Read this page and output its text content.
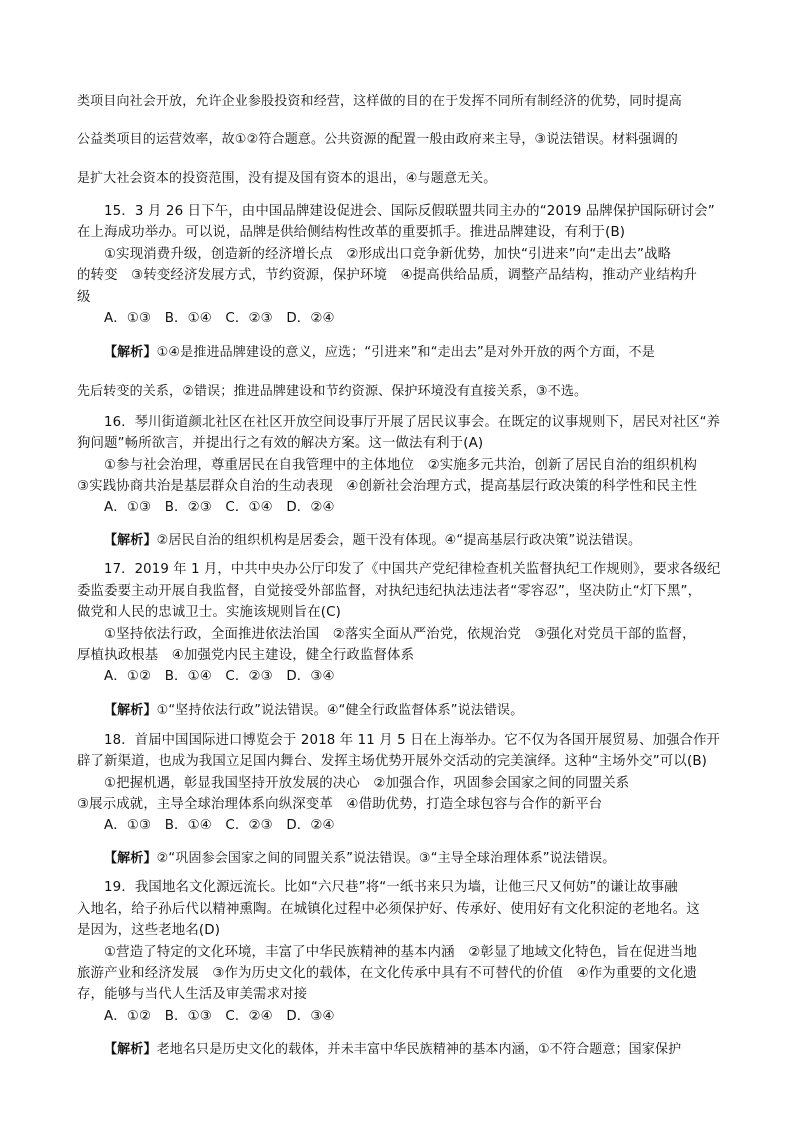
类项目向社会开放，允许企业参股投资和经营，这样做的目的在于发挥不同所有制经济的优势，同时提高
公益类项目的运营效率，故①②符合题意。公共资源的配置一般由政府来主导，③说法错误。材料强调的
是扩大社会资本的投资范围，没有提及国有资本的退出，④与题意无关。
15．3 月 26 日下午，由中国品牌建设促进会、国际反假联盟共同主办的“2019 品牌保护国际研讨会”
在上海成功举办。可以说，品牌是供给侧结构性改革的重要抓手。推进品牌建设，有利于(B)
①实现消费升级，创造新的经济增长点　②形成出口竞争新优势，加快“引进来”向“走出去”战略
的转变　③转变经济发展方式，节约资源，保护环境　④提高供给品质，调整产品结构，推动产业结构升
级
A．①③　B．①④　C．②③　D．②④
【解析】①④是推进品牌建设的意义，应选；“引进来”和“走出去”是对外开放的两个方面，不是
先后转变的关系，②错误；推进品牌建设和节约资源、保护环境没有直接关系，③不选。
16．琴川街道颜北社区在社区开放空间设事厅开展了居民议事会。在既定的议事规则下，居民对社区“养
狗问题”畅所欲言，并提出行之有效的解决方案。这一做法有利于(A)
①参与社会治理，尊重居民在自我管理中的主体地位　②实施多元共治，创新了居民自治的组织机构
③实践协商共治是基层群众自治的生动表现　④创新社会治理方式，提高基层行政决策的科学性和民主性
A．①③　B．②③　C．①④　D．②④
【解析】②居民自治的组织机构是居委会，题干没有体现。④“提高基层行政决策”说法错误。
17．2019 年 1 月，中共中央办公厅印发了《中国共产党纪律检查机关监督执纪工作规则》，要求各级纪
委监委要主动开展自我监督，自觉接受外部监督，对执纪违纪执法违法者“零容忍”，坚决防止“灯下黑”，
做党和人民的忠诚卫士。实施该规则旨在(C)
①坚持依法行政，全面推进依法治国　②落实全面从严治党，依规治党　③强化对党员干部的监督，
厚植执政根基　④加强党内民主建设，健全行政监督体系
A．①②　B．①④　C．②③　D．③④
【解析】①“坚持依法行政”说法错误。④“健全行政监督体系”说法错误。
18．首届中国国际进口博览会于 2018 年 11 月 5 日在上海举办。它不仅为各国开展贸易、加强合作开
辟了新渠道，也成为我国立足国内舞台、发挥主场优势开展外交活动的完美演绎。这种“主场外交”可以(B)
①把握机遇，彰显我国坚持开放发展的决心　②加强合作，巩固参会国家之间的同盟关系
③展示成就，主导全球治理体系向纵深变革　④借助优势，打造全球包容与合作的新平台
A．①③　B．①④　C．②③　D．②④
【解析】②“巩固参会国家之间的同盟关系”说法错误。③“主导全球治理体系”说法错误。
19．我国地名文化源远流长。比如“六尺巷”将“一纸书来只为墙，让他三尺又何妨”的谦让故事融
入地名，给子孙后代以精神熏陶。在城镇化过程中必须保护好、传承好、使用好有文化积淀的老地名。这
是因为，这些老地名(D)
①营造了特定的文化环境，丰富了中华民族精神的基本内涵　②彰显了地域文化特色，旨在促进当地
旅游产业和经济发展　③作为历史文化的载体，在文化传承中具有不可替代的价值　④作为重要的文化遗
存，能够与当代人生活及审美需求对接
A．①②　B．①③　C．②④　D．③④
【解析】老地名只是历史文化的载体，并未丰富中华民族精神的基本内涵，①不符合题意；国家保护
